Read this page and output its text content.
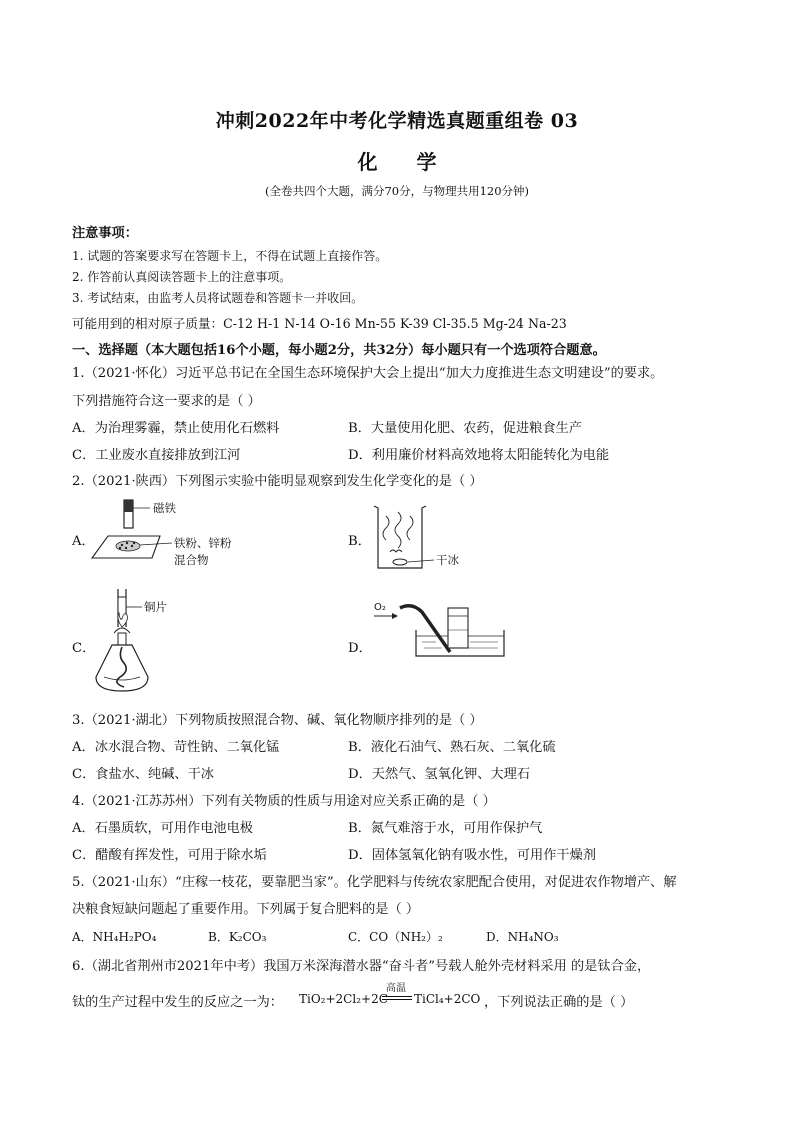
冲刺2022年中考化学精选真题重组卷 03
化 学
(全卷共四个大题，满分70分，与物理共用120分钟)
注意事项：
1. 试题的答案要求写在答题卡上，不得在试题上直接作答。
2. 作答前认真阅读答题卡上的注意事项。
3. 考试结束，由监考人员将试题卷和答题卡一并收回。
可能用到的相对原子质量：C-12 H-1 N-14 O-16 Mn-55 K-39 Cl-35.5 Mg-24 Na-23
一、选择题（本大题包括16个小题，每小题2分，共32分）每小题只有一个选项符合题意。
1.（2021·怀化）习近平总书记在全国生态环境保护大会上提出“加大力度推进生态文明建设”的要求。
下列措施符合这一要求的是（ ）
A．为治理雾霾，禁止使用化石燃料	B．大量使用化肥、农药，促进粮食生产
C．工业废水直接排放到江河	D．利用廉价材料高效地将太阳能转化为电能
2.（2021·陕西）下列图示实验中能明显观察到发生化学变化的是（ ）
A．	B．
C．	D．
磁铁
铁粉、锌粉
混合物	干冰
铜片	O₂
3.（2021·湖北）下列物质按照混合物、碱、氧化物顺序排列的是（ ）
A．冰水混合物、苛性钠、二氧化锰	B．液化石油气、熟石灰、二氧化硫
C．食盐水、纯碱、干冰	D．天然气、氢氧化钾、大理石
4.（2021·江苏苏州）下列有关物质的性质与用途对应关系正确的是（ ）
A．石墨质软，可用作电池电极	B．氮气难溶于水，可用作保护气
C．醋酸有挥发性，可用于除水垢	D．固体氢氧化钠有吸水性，可用作干燥剂
5.（2021·山东）“庄稼一枝花，要靠肥当家”。化学肥料与传统农家肥配合使用，对促进农作物增产、解
决粮食短缺问题起了重要作用。下列属于复合肥料的是（ ）
A．NH₄H₂PO₄	B．K₂CO₃	C．CO（NH₂）₂	D．NH₄NO₃
6.（湖北省荆州市2021年中考）我国万米深海潜水器“奋斗者”号载人舱外壳材料采用 的是钛合金，
钛的生产过程中发生的反应之一为： TiO₂+2Cl₂+2C
高温
TiCl₄+2CO ，下列说法正确的是（ ）
